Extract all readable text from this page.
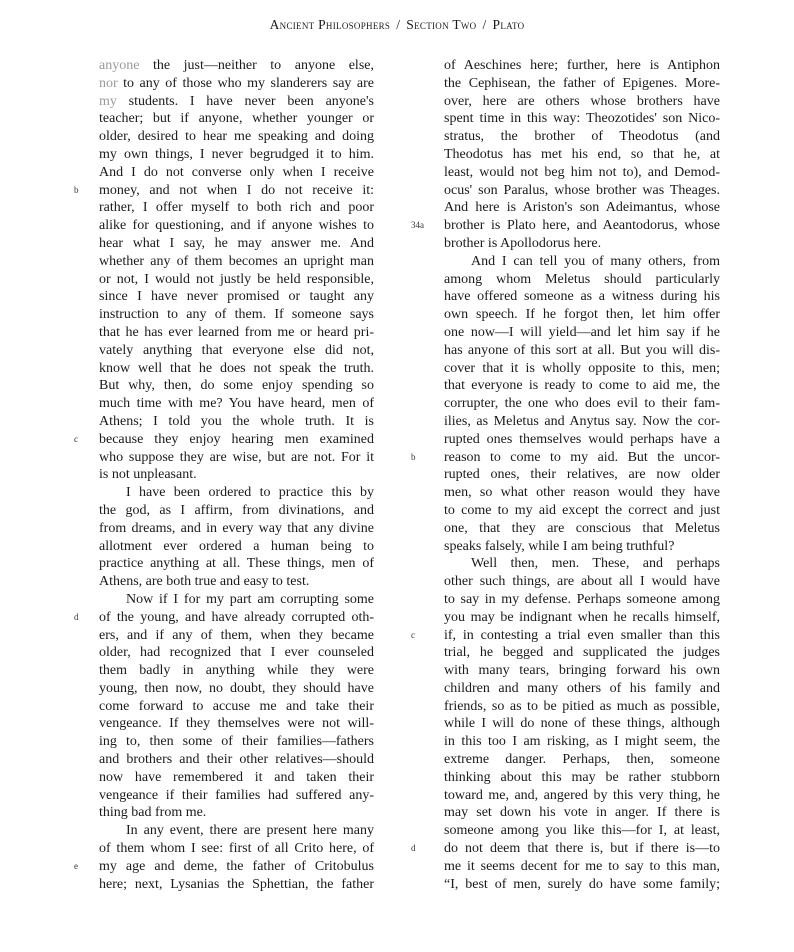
Ancient Philosophers / Section Two / Plato
anyone the just—neither to anyone else,
nor to any of those who my slanderers say are
my students. I have never been anyone's
teacher; but if anyone, whether younger or
older, desired to hear me speaking and doing
my own things, I never begrudged it to him.
And I do not converse only when I receive
b money, and not when I do not receive it:
rather, I offer myself to both rich and poor
alike for questioning, and if anyone wishes to
hear what I say, he may answer me. And
whether any of them becomes an upright man
or not, I would not justly be held responsible,
since I have never promised or taught any
instruction to any of them. If someone says
that he has ever learned from me or heard pri-
vately anything that everyone else did not,
know well that he does not speak the truth.
But why, then, do some enjoy spending so
much time with me? You have heard, men of
Athens; I told you the whole truth. It is
c because they enjoy hearing men examined
who suppose they are wise, but are not. For it
is not unpleasant.
I have been ordered to practice this by
the god, as I affirm, from divinations, and
from dreams, and in every way that any divine
allotment ever ordered a human being to
practice anything at all. These things, men of
Athens, are both true and easy to test.
Now if I for my part am corrupting some
d of the young, and have already corrupted oth-
ers, and if any of them, when they became
older, had recognized that I ever counseled
them badly in anything while they were
young, then now, no doubt, they should have
come forward to accuse me and take their
vengeance. If they themselves were not will-
ing to, then some of their families—fathers
and brothers and their other relatives—should
now have remembered it and taken their
vengeance if their families had suffered any-
thing bad from me.
In any event, there are present here many
of them whom I see: first of all Crito here, of
e my age and deme, the father of Critobulus
here; next, Lysanias the Sphettian, the father
of Aeschines here; further, here is Antiphon
the Cephisean, the father of Epigenes. More-
over, here are others whose brothers have
spent time in this way: Theozotides' son Nico-
stratus, the brother of Theodotus (and
Theodotus has met his end, so that he, at
least, would not beg him not to), and Demod-
ocus' son Paralus, whose brother was Theages.
And here is Ariston's son Adeimantus, whose
34a brother is Plato here, and Aeantodorus, whose
brother is Apollodorus here.
And I can tell you of many others, from
among whom Meletus should particularly
have offered someone as a witness during his
own speech. If he forgot then, let him offer
one now—I will yield—and let him say if he
has anyone of this sort at all. But you will dis-
cover that it is wholly opposite to this, men;
that everyone is ready to come to aid me, the
corrupter, the one who does evil to their fam-
ilies, as Meletus and Anytus say. Now the cor-
rupted ones themselves would perhaps have a
b reason to come to my aid. But the uncor-
rupted ones, their relatives, are now older
men, so what other reason would they have
to come to my aid except the correct and just
one, that they are conscious that Meletus
speaks falsely, while I am being truthful?
Well then, men. These, and perhaps
other such things, are about all I would have
to say in my defense. Perhaps someone among
you may be indignant when he recalls himself,
c if, in contesting a trial even smaller than this
trial, he begged and supplicated the judges
with many tears, bringing forward his own
children and many others of his family and
friends, so as to be pitied as much as possible,
while I will do none of these things, although
in this too I am risking, as I might seem, the
extreme danger. Perhaps, then, someone
thinking about this may be rather stubborn
toward me, and, angered by this very thing, he
may set down his vote in anger. If there is
someone among you like this—for I, at least,
d do not deem that there is, but if there is—to
me it seems decent for me to say to this man,
“I, best of men, surely do have some family;
